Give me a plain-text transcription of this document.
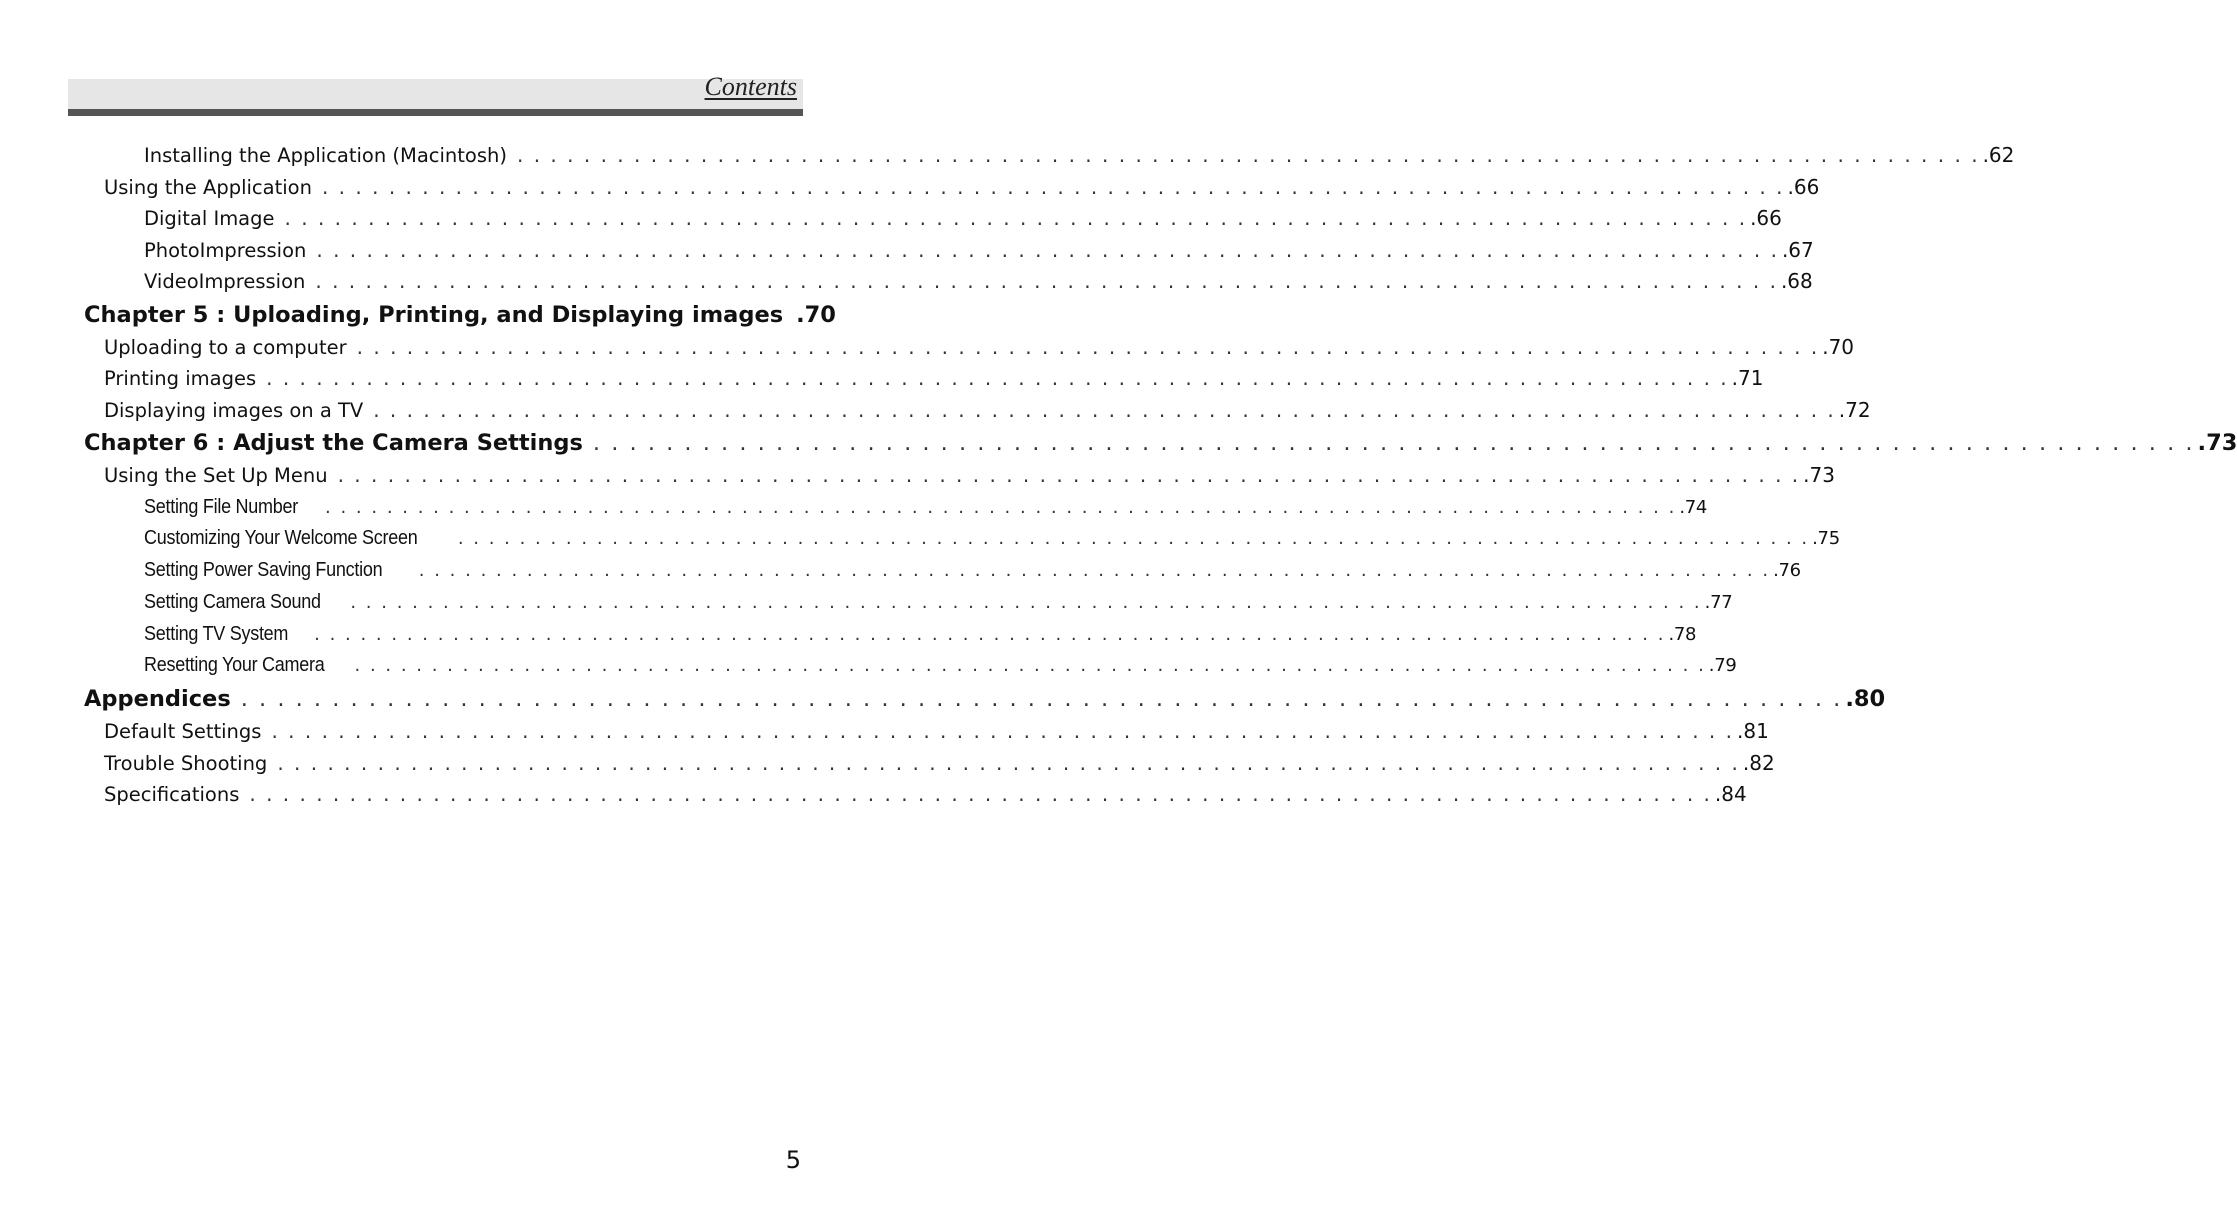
Contents
Installing the Application (Macintosh) . . . . . . . . . . . . . . . . . . . . . . . . . . . . . . . . . . . . . . . . . . . . . . . . . . . . . . . . . . . . . . . . . . . . . . . . . . . . . . . . . . . . . . . . .62
Using the Application . . . . . . . . . . . . . . . . . . . . . . . . . . . . . . . . . . . . . . . . . . . . . . . . . . . . . . . . . . . . . . . . . . . . . . . . . . . . . . . . . . . . . . . . .66
Digital Image . . . . . . . . . . . . . . . . . . . . . . . . . . . . . . . . . . . . . . . . . . . . . . . . . . . . . . . . . . . . . . . . . . . . . . . . . . . . . . . . . . . . . . . . .66
PhotoImpression . . . . . . . . . . . . . . . . . . . . . . . . . . . . . . . . . . . . . . . . . . . . . . . . . . . . . . . . . . . . . . . . . . . . . . . . . . . . . . . . . . . . . . . . .67
VideoImpression . . . . . . . . . . . . . . . . . . . . . . . . . . . . . . . . . . . . . . . . . . . . . . . . . . . . . . . . . . . . . . . . . . . . . . . . . . . . . . . . . . . . . . . . .68
Chapter 5 : Uploading, Printing, and Displaying images .70
Uploading to a computer . . . . . . . . . . . . . . . . . . . . . . . . . . . . . . . . . . . . . . . . . . . . . . . . . . . . . . . . . . . . . . . . . . . . . . . . . . . . . . . . . . . . . . . . .70
Printing images . . . . . . . . . . . . . . . . . . . . . . . . . . . . . . . . . . . . . . . . . . . . . . . . . . . . . . . . . . . . . . . . . . . . . . . . . . . . . . . . . . . . . . . . .71
Displaying images on a TV . . . . . . . . . . . . . . . . . . . . . . . . . . . . . . . . . . . . . . . . . . . . . . . . . . . . . . . . . . . . . . . . . . . . . . . . . . . . . . . . . . . . . . . . .72
Chapter 6 : Adjust the Camera Settings . . . . . . . . . . . . . . . . . . . . . . . . . . . . . . . . . . . . . . . . . . . . . . . . . . . . . . . . . . . . . . . . . . . . . . . . . . . . . . . . . . . . . . . . .73
Using the Set Up Menu . . . . . . . . . . . . . . . . . . . . . . . . . . . . . . . . . . . . . . . . . . . . . . . . . . . . . . . . . . . . . . . . . . . . . . . . . . . . . . . . . . . . . . . . .73
Setting File Number . . . . . . . . . . . . . . . . . . . . . . . . . . . . . . . . . . . . . . . . . . . . . . . . . . . . . . . . . . . . . . . . . . . . . . . . . . . . . . . . . . . . . . . . .74
Customizing Your Welcome Screen . . . . . . . . . . . . . . . . . . . . . . . . . . . . . . . . . . . . . . . . . . . . . . . . . . . . . . . . . . . . . . . . . . . . . . . . . . . . . . . . . . . . . . . . .75
Setting Power Saving Function . . . . . . . . . . . . . . . . . . . . . . . . . . . . . . . . . . . . . . . . . . . . . . . . . . . . . . . . . . . . . . . . . . . . . . . . . . . . . . . . . . . . . . . . .76
Setting Camera Sound . . . . . . . . . . . . . . . . . . . . . . . . . . . . . . . . . . . . . . . . . . . . . . . . . . . . . . . . . . . . . . . . . . . . . . . . . . . . . . . . . . . . . . . . .77
Setting TV System . . . . . . . . . . . . . . . . . . . . . . . . . . . . . . . . . . . . . . . . . . . . . . . . . . . . . . . . . . . . . . . . . . . . . . . . . . . . . . . . . . . . . . . . .78
Resetting Your Camera . . . . . . . . . . . . . . . . . . . . . . . . . . . . . . . . . . . . . . . . . . . . . . . . . . . . . . . . . . . . . . . . . . . . . . . . . . . . . . . . . . . . . . . . .79
Appendices . . . . . . . . . . . . . . . . . . . . . . . . . . . . . . . . . . . . . . . . . . . . . . . . . . . . . . . . . . . . . . . . . . . . . . . . . . . . . . . . . . . . . . . . .80
Default Settings . . . . . . . . . . . . . . . . . . . . . . . . . . . . . . . . . . . . . . . . . . . . . . . . . . . . . . . . . . . . . . . . . . . . . . . . . . . . . . . . . . . . . . . . .81
Trouble Shooting . . . . . . . . . . . . . . . . . . . . . . . . . . . . . . . . . . . . . . . . . . . . . . . . . . . . . . . . . . . . . . . . . . . . . . . . . . . . . . . . . . . . . . . . .82
Specifications . . . . . . . . . . . . . . . . . . . . . . . . . . . . . . . . . . . . . . . . . . . . . . . . . . . . . . . . . . . . . . . . . . . . . . . . . . . . . . . . . . . . . . . . .84
5
